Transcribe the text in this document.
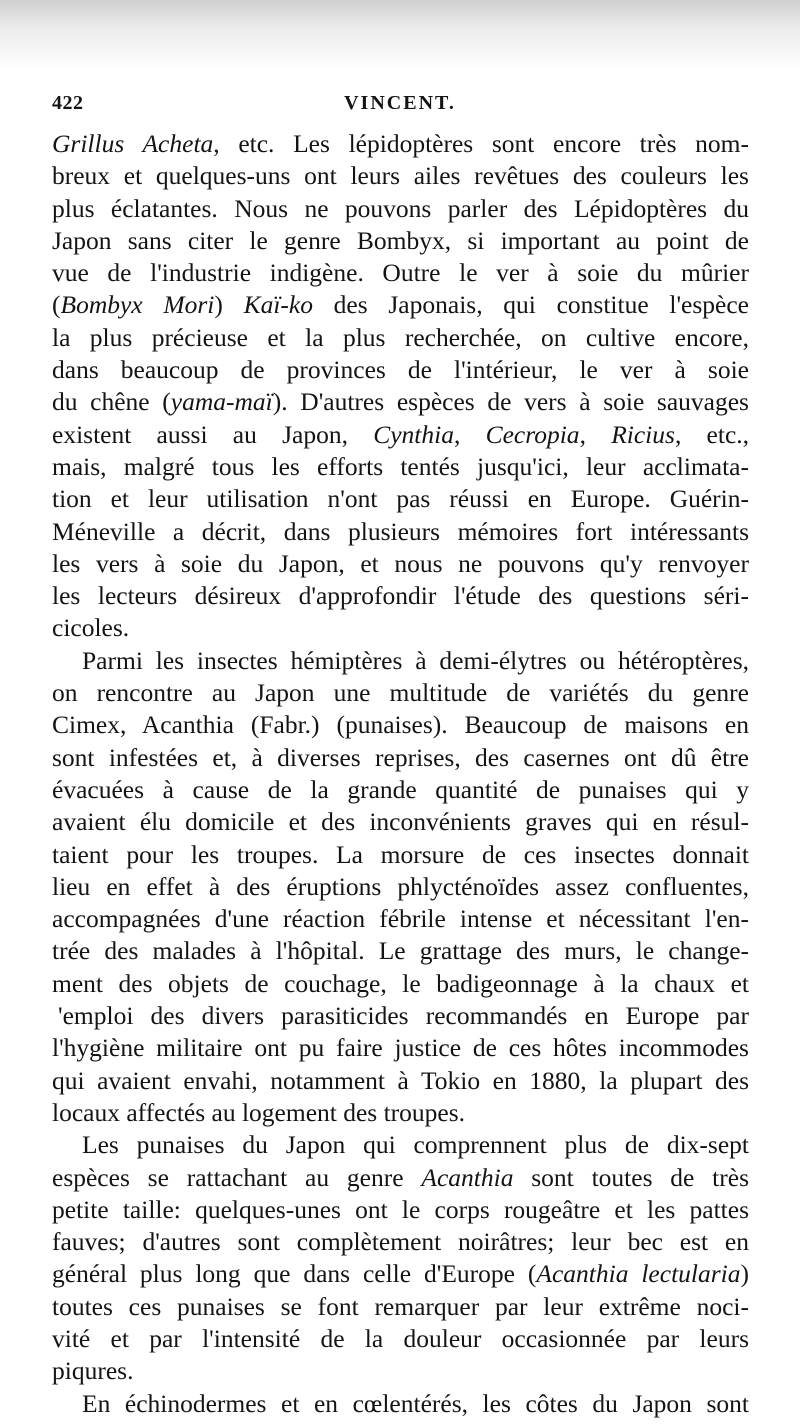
422	VINCENT.
Grillus Acheta, etc. Les lépidoptères sont encore très nom-
breux et quelques-uns ont leurs ailes revêtues des couleurs les
plus éclatantes. Nous ne pouvons parler des Lépidoptères du
Japon sans citer le genre Bombyx, si important au point de
vue de l'industrie indigène. Outre le ver à soie du mûrier
(Bombyx Mori) Kaï-ko des Japonais, qui constitue l'espèce
la plus précieuse et la plus recherchée, on cultive encore,
dans beaucoup de provinces de l'intérieur, le ver à soie
du chêne (yama-maï). D'autres espèces de vers à soie sauvages
existent aussi au Japon, Cynthia, Cecropia, Ricius, etc.,
mais, malgré tous les efforts tentés jusqu'ici, leur acclimata-
tion et leur utilisation n'ont pas réussi en Europe. Guérin-
Méneville a décrit, dans plusieurs mémoires fort intéressants
les vers à soie du Japon, et nous ne pouvons qu'y renvoyer
les lecteurs désireux d'approfondir l'étude des questions séri-
cicoles.
Parmi les insectes hémiptères à demi-élytres ou hétéroptères,
on rencontre au Japon une multitude de variétés du genre
Cimex, Acanthia (Fabr.) (punaises). Beaucoup de maisons en
sont infestées et, à diverses reprises, des casernes ont dû être
évacuées à cause de la grande quantité de punaises qui y
avaient élu domicile et des inconvénients graves qui en résul-
taient pour les troupes. La morsure de ces insectes donnait
lieu en effet à des éruptions phlycténoïdes assez confluentes,
accompagnées d'une réaction fébrile intense et nécessitant l'en-
trée des malades à l'hôpital. Le grattage des murs, le change-
ment des objets de couchage, le badigeonnage à la chaux et
'emploi des divers parasiticides recommandés en Europe par
l'hygiène militaire ont pu faire justice de ces hôtes incommodes
qui avaient envahi, notamment à Tokio en 1880, la plupart des
locaux affectés au logement des troupes.
Les punaises du Japon qui comprennent plus de dix-sept
espèces se rattachant au genre Acanthia sont toutes de très
petite taille: quelques-unes ont le corps rougeâtre et les pattes
fauves; d'autres sont complètement noirâtres; leur bec est en
général plus long que dans celle d'Europe (Acanthia lectularia)
toutes ces punaises se font remarquer par leur extrême noci-
vité et par l'intensité de la douleur occasionnée par leurs
piqures.
En échinodermes et en cœlentérés, les côtes du Japon sont
